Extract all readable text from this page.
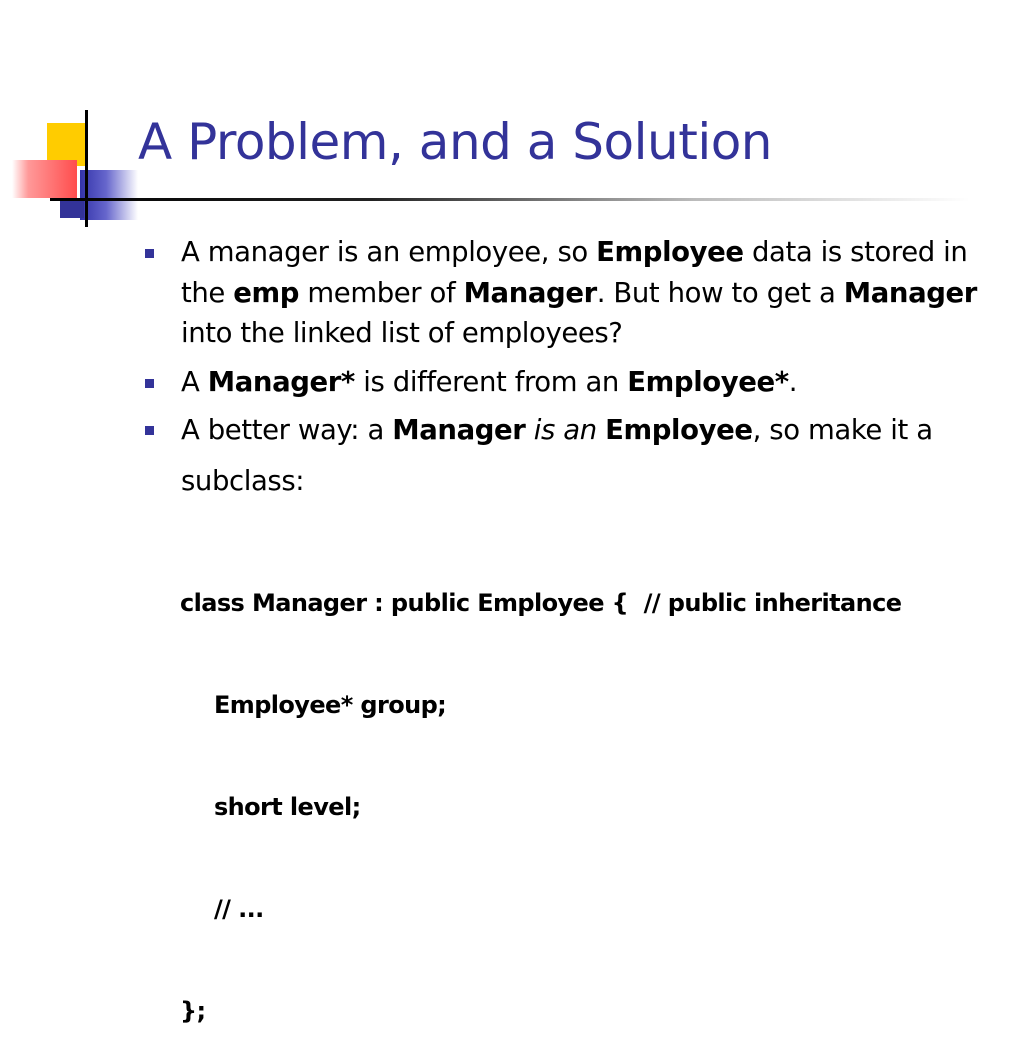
A Problem, and a Solution
A manager is an employee, so Employee data is stored in the emp member of Manager. But how to get a Manager into the linked list of employees?
A Manager* is different from an Employee*.
A better way: a Manager is an Employee, so make it a subclass:

class Manager : public Employee {  // public inheritance

Employee* group;

short level;

// ...

};
